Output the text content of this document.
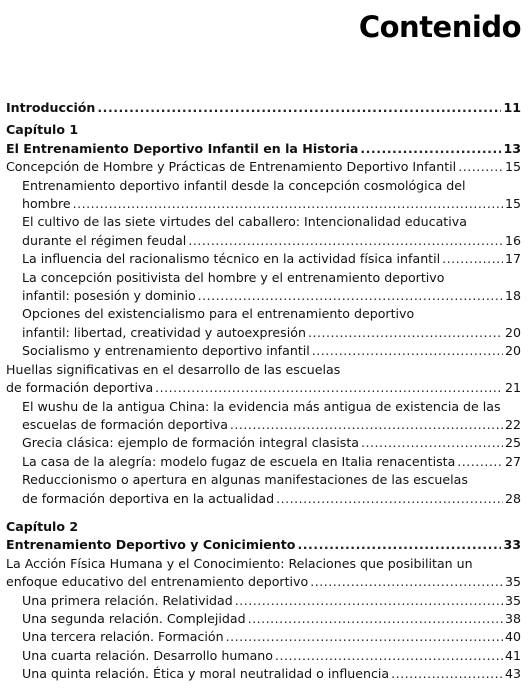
Contenido
Introducción .....	11
Capítulo 1
El Entrenamiento Deportivo Infantil en la Historia .....	13
Concepción de Hombre y Prácticas de Entrenamiento Deportivo Infantil .....	15
Entrenamiento deportivo infantil desde la concepción cosmológica del
hombre .....	15
El cultivo de las siete virtudes del caballero: Intencionalidad educativa
durante el régimen feudal .....	16
La influencia del racionalismo técnico en la actividad física infantil .....	17
La concepción positivista del hombre y el entrenamiento deportivo
infantil: posesión y dominio .....	18
Opciones del existencialismo para el entrenamiento deportivo
infantil: libertad, creatividad y autoexpresión .....	20
Socialismo y entrenamiento deportivo infantil .....	20
Huellas significativas en el desarrollo de las escuelas
de formación deportiva .....	21
El wushu de la antigua China: la evidencia más antigua de existencia de las
escuelas de formación deportiva .....	22
Grecia clásica: ejemplo de formación integral clasista .....	25
La casa de la alegría: modelo fugaz de escuela en Italia renacentista .....	27
Reduccionismo o apertura en algunas manifestaciones de las escuelas
de formación deportiva en la actualidad .....	28
Capítulo 2
Entrenamiento Deportivo y Conicimiento .....	33
La Acción Física Humana y el Conocimiento: Relaciones que posibilitan un
enfoque educativo del entrenamiento deportivo .....	35
Una primera relación. Relatividad .....	35
Una segunda relación. Complejidad .....	38
Una tercera relación. Formación .....	40
Una cuarta relación. Desarrollo humano .....	41
Una quinta relación. Ética y moral neutralidad o influencia .....	43
